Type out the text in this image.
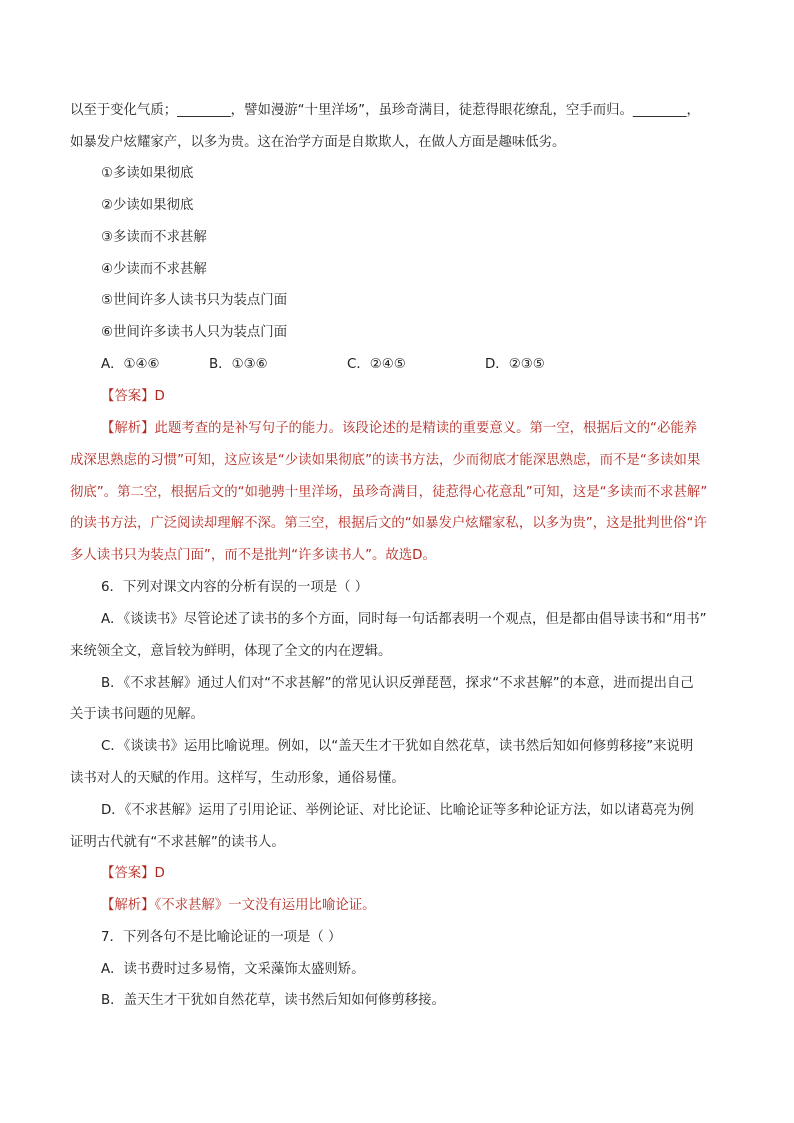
以至于变化气质；________，譬如漫游“十里洋场”，虽珍奇满目，徒惹得眼花缭乱，空手而归。________，
如暴发户炫耀家产，以多为贵。这在治学方面是自欺欺人，在做人方面是趣味低劣。
①多读如果彻底
②少读如果彻底
③多读而不求甚解
④少读而不求甚解
⑤世间许多人读书只为装点门面
⑥世间许多读书人只为装点门面
A．①④⑥	B．①③⑥	C．②④⑤	D．②③⑤
【答案】D
【解析】此题考查的是补写句子的能力。该段论述的是精读的重要意义。第一空，根据后文的“必能养
成深思熟虑的习惯”可知，这应该是“少读如果彻底”的读书方法，少而彻底才能深思熟虑，而不是“多读如果
彻底”。第二空，根据后文的“如驰骋十里洋场，虽珍奇满目，徒惹得心花意乱”可知，这是“多读而不求甚解”
的读书方法，广泛阅读却理解不深。第三空，根据后文的“如暴发户炫耀家私，以多为贵”，这是批判世俗“许
多人读书只为装点门面”，而不是批判“许多读书人”。故选D。
6．下列对课文内容的分析有误的一项是（ ）
A．《谈读书》尽管论述了读书的多个方面，同时每一句话都表明一个观点，但是都由倡导读书和“用书”
来统领全文，意旨较为鲜明，体现了全文的内在逻辑。
B．《不求甚解》通过人们对“不求甚解”的常见认识反弹琵琶，探求“不求甚解”的本意，进而提出自己
关于读书问题的见解。
C．《谈读书》运用比喻说理。例如，以“盖天生才干犹如自然花草，读书然后知如何修剪移接”来说明
读书对人的天赋的作用。这样写，生动形象，通俗易懂。
D．《不求甚解》运用了引用论证、举例论证、对比论证、比喻论证等多种论证方法，如以诸葛亮为例
证明古代就有“不求甚解”的读书人。
【答案】D
【解析】《不求甚解》一文没有运用比喻论证。
7．下列各句不是比喻论证的一项是（ ）
A．读书费时过多易惰，文采藻饰太盛则矫。
B．盖天生才干犹如自然花草，读书然后知如何修剪移接。
